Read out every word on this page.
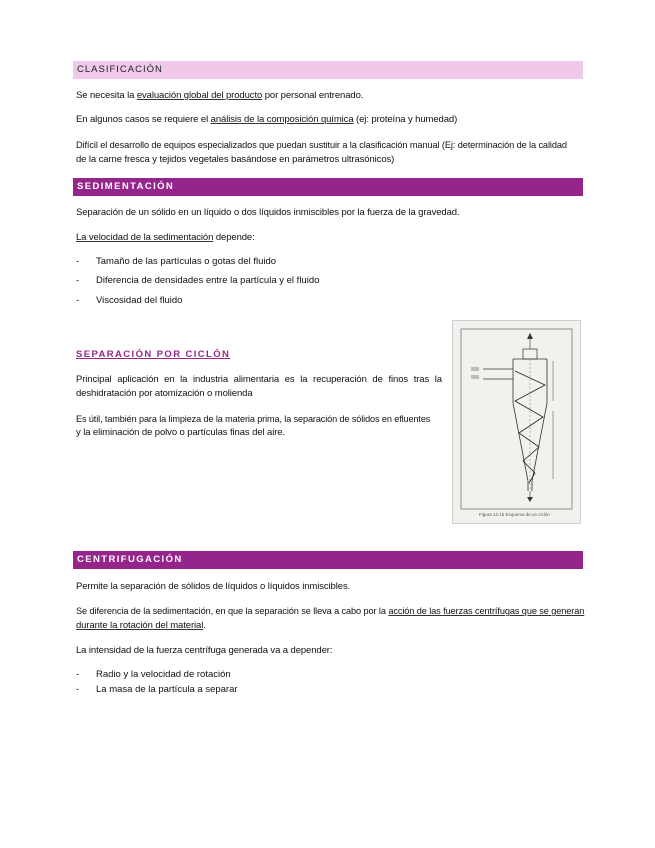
CLASIFICACIÓN
Se necesita la evaluación global del producto por personal entrenado.
En algunos casos se requiere el análisis de la composición química (ej: proteína y humedad)
Difícil el desarrollo de equipos especializados que puedan sustituir a la clasificación manual (Ej: determinación de la calidad
de la carne fresca y tejidos vegetales basándose en parámetros ultrasónicos)
SEDIMENTACIÓN
Separación de un sólido en un líquido o dos líquidos inmiscibles por la fuerza de la gravedad.
La velocidad de la sedimentación depende:
- Tamaño de las partículas o gotas del fluido
- Diferencia de densidades entre la partícula y el fluido
- Viscosidad del fluido
SEPARACIÓN POR CICLÓN
Principal aplicación en la industria alimentaria es la recuperación de finos tras la
deshidratación por atomización o molienda
Es útil, también para la limpieza de la materia prima, la separación de sólidos en efluentes
y la eliminación de polvo o partículas finas del aire.
Figura 12.15 Esquema de un ciclón
CENTRIFUGACIÓN
Permite la separación de sólidos de líquidos o líquidos inmiscibles.
Se diferencia de la sedimentación, en que la separación se lleva a cabo por la acción de las fuerzas centrífugas que se generan
durante la rotación del material.
La intensidad de la fuerza centrífuga generada va a depender:
- Radio y la velocidad de rotación
- La masa de la partícula a separar
